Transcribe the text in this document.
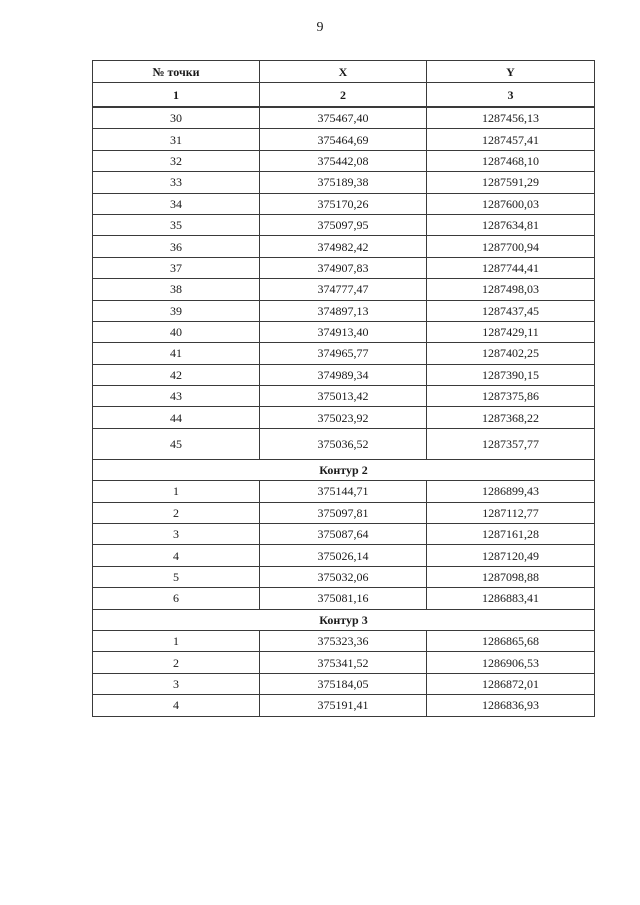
9
№ точки	X	Y
1	2	3
30	375467,40	1287456,13
31	375464,69	1287457,41
32	375442,08	1287468,10
33	375189,38	1287591,29
34	375170,26	1287600,03
35	375097,95	1287634,81
36	374982,42	1287700,94
37	374907,83	1287744,41
38	374777,47	1287498,03
39	374897,13	1287437,45
40	374913,40	1287429,11
41	374965,77	1287402,25
42	374989,34	1287390,15
43	375013,42	1287375,86
44	375023,92	1287368,22
45	375036,52	1287357,77
Контур 2		
1	375144,71	1286899,43
2	375097,81	1287112,77
3	375087,64	1287161,28
4	375026,14	1287120,49
5	375032,06	1287098,88
6	375081,16	1286883,41
Контур 3		
1	375323,36	1286865,68
2	375341,52	1286906,53
3	375184,05	1286872,01
4	375191,41	1286836,93
